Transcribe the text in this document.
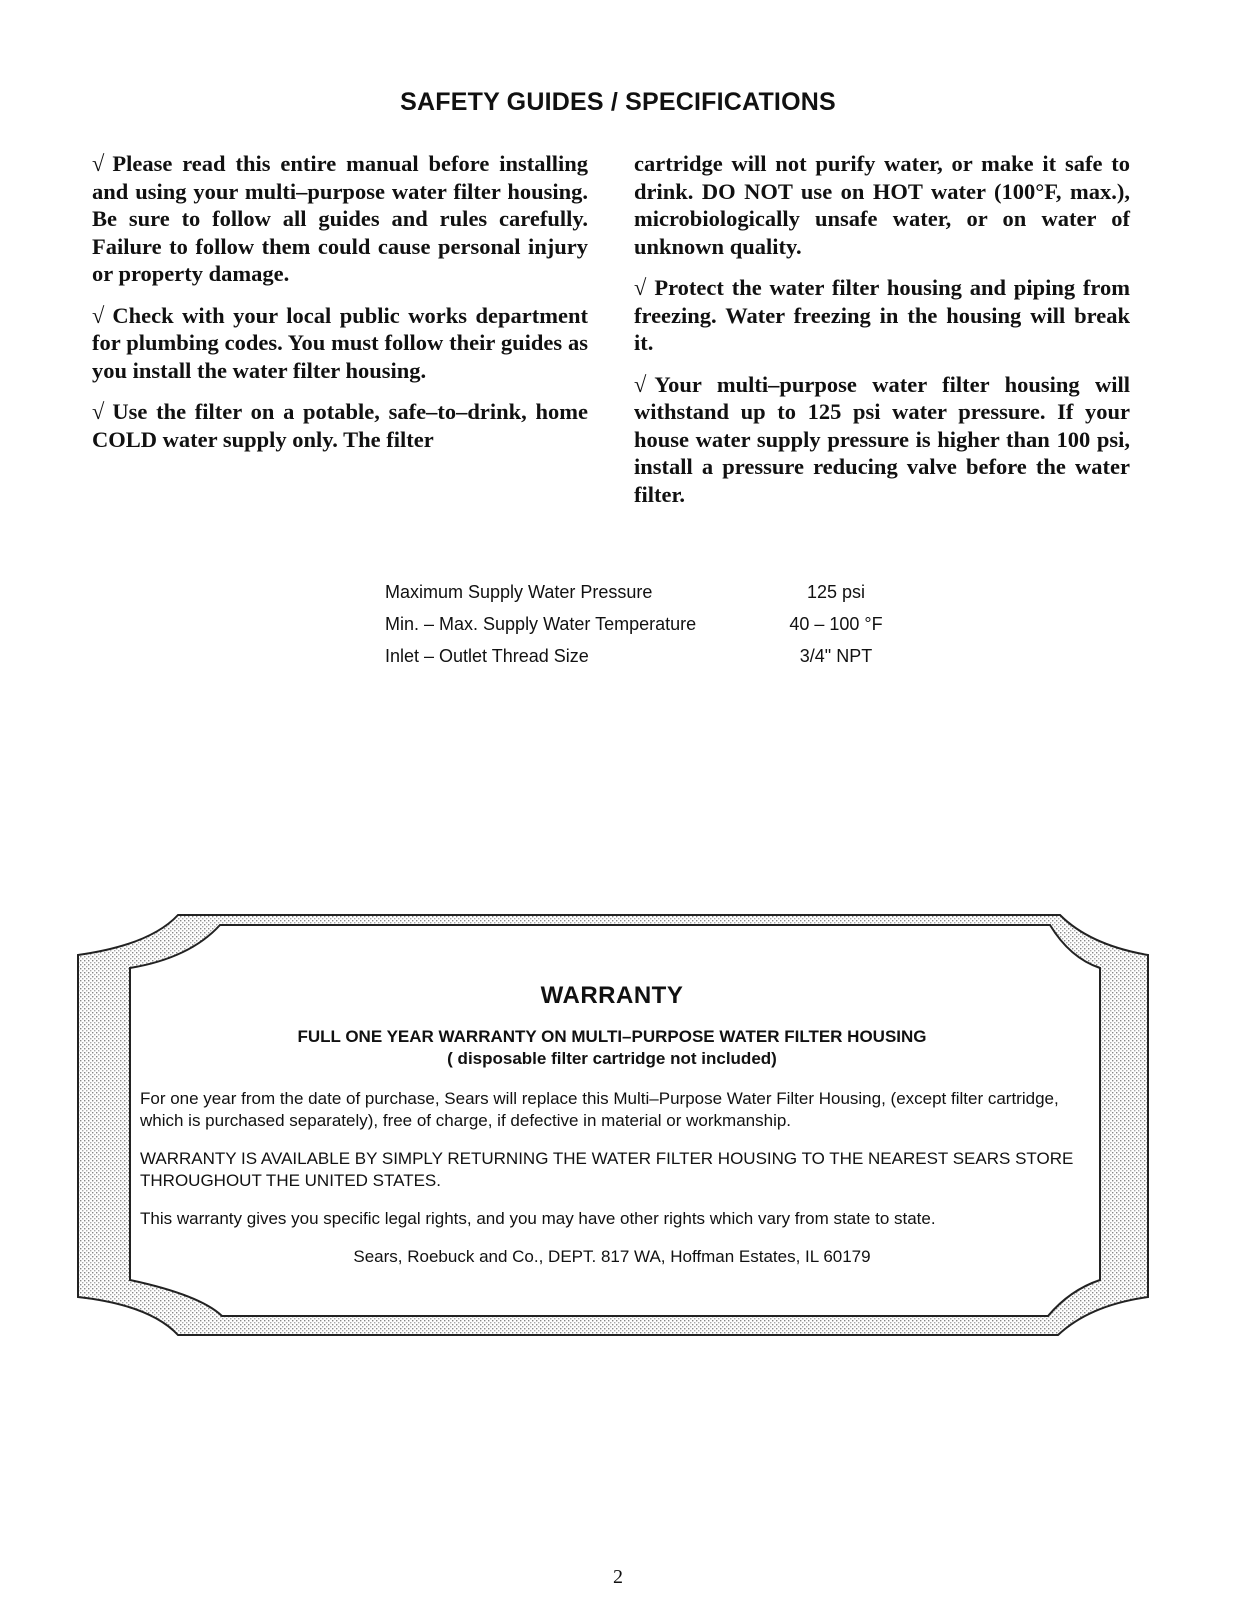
SAFETY GUIDES / SPECIFICATIONS

√ Please read this entire manual before installing and using your multi–purpose water filter housing. Be sure to follow all guides and rules carefully. Failure to follow them could cause personal injury or property damage.

√ Check with your local public works department for plumbing codes. You must follow their guides as you install the water filter housing.

√ Use the filter on a potable, safe–to–drink, home COLD water supply only. The filter

cartridge will not purify water, or make it safe to drink. DO NOT use on HOT water (100°F, max.), microbiologically unsafe water, or on water of unknown quality.

√ Protect the water filter housing and piping from freezing. Water freezing in the housing will break it.

√ Your multi–purpose water filter housing will withstand up to 125 psi water pressure. If your house water supply pressure is higher than 100 psi, install a pressure reducing valve before the water filter.

Maximum Supply Water Pressure	125 psi
Min. – Max. Supply Water Temperature	40 – 100 °F
Inlet – Outlet Thread Size	3/4" NPT
WARRANTY
FULL ONE YEAR WARRANTY ON MULTI–PURPOSE WATER FILTER HOUSING
( disposable filter cartridge not included)

For one year from the date of purchase, Sears will replace this Multi–Purpose Water Filter Housing, (except filter cartridge, which is purchased separately), free of charge, if defective in material or workmanship.

WARRANTY IS AVAILABLE BY SIMPLY RETURNING THE WATER FILTER HOUSING TO THE NEAREST SEARS STORE THROUGHOUT THE UNITED STATES.

This warranty gives you specific legal rights, and you may have other rights which vary from state to state.

Sears, Roebuck and Co., DEPT. 817 WA, Hoffman Estates, IL 60179
2
